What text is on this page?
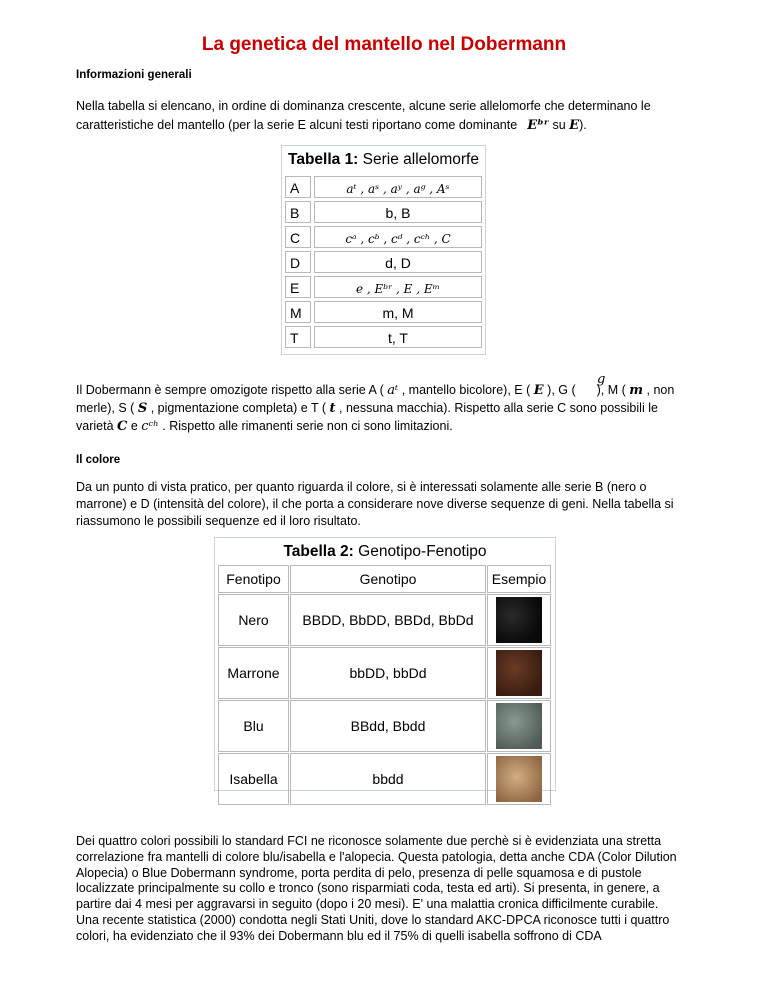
La genetica del mantello nel Dobermann
Informazioni generali
Nella tabella si elencano, in ordine di dominanza crescente, alcune serie allelomorfe che determinano le
caratteristiche del mantello (per la serie E alcuni testi riportano come dominante Eᵇʳ su E).
Tabella 1: Serie allelomorfe
A	aᵗ , aˢ , aʸ , aᵍ , Aˢ
B	b, B
C	cᵃ , cᵇ , cᵈ , cᶜʰ , C
D	d, D
E	e , Eᵇʳ , E , Eᵐ
M	m, M
T	t, T
g
Il Dobermann è sempre omozigote rispetto alla serie A ( aᵗ , mantello bicolore), E ( E ), G ( ), M ( m , non
merle), S ( S , pigmentazione completa) e T ( t , nessuna macchia). Rispetto alla serie C sono possibili le
varietà C e cᶜʰ . Rispetto alle rimanenti serie non ci sono limitazioni.
Il colore
Da un punto di vista pratico, per quanto riguarda il colore, si è interessati solamente alle serie B (nero o
marrone) e D (intensità del colore), il che porta a considerare nove diverse sequenze di geni. Nella tabella si
riassumono le possibili sequenze ed il loro risultato.
Tabella 2: Genotipo-Fenotipo
Fenotipo	Genotipo	Esempio
Nero	BBDD, BbDD, BBDd, BbDd
Marrone	bbDD, bbDd
Blu	BBdd, Bbdd
Isabella	bbdd
Dei quattro colori possibili lo standard FCI ne riconosce solamente due perchè si è evidenziata una stretta
correlazione fra mantelli di colore blu/isabella e l'alopecia. Questa patologia, detta anche CDA (Color Dilution
Alopecia) o Blue Dobermann syndrome, porta perdita di pelo, presenza di pelle squamosa e di pustole
localizzate principalmente su collo e tronco (sono risparmiati coda, testa ed arti). Si presenta, in genere, a
partire dai 4 mesi per aggravarsi in seguito (dopo i 20 mesi). E' una malattia cronica difficilmente curabile.
Una recente statistica (2000) condotta negli Stati Uniti, dove lo standard AKC-DPCA riconosce tutti i quattro
colori, ha evidenziato che il 93% dei Dobermann blu ed il 75% di quelli isabella soffrono di CDA
